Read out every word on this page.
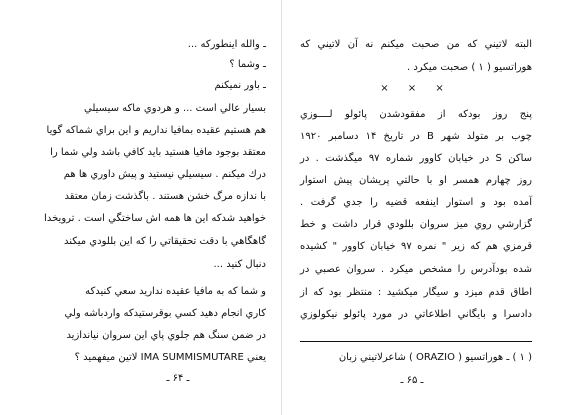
ـ والله اينطوركه ...
ـ وشما ؟
ـ باور نميكنم
بسيار عالي است ... و هردوي ماكه سيسيلي
هم هستيم عقيده بمافيا نداريم و اين براي شماكه گويا
معتقد بوجود مافيا هستيد بايد كافي باشد ولي شما را
درك ميكنم . سيسيلي نيستيد و پيش داوري ها هم
با ندازه مرگ خشن هستند . باگذشت زمان معتقد
خواهيد شدكه اين ها همه اش ساختگي است . ترويخدا
گاهگاهي با دقت تحقيقاتي را كه اين بللودي ميكند
دنبال كنيد ...
و شما كه به مافيا عقيده نداريد سعي كنيدكه
كاري انجام دهيد كسي بوقرستيدكه واردباشه ولي
در ضمن سنگ هم جلوي پاي اين سروان نياندازيد
يعني IMA SUMMISMUTARE لاتين ميفهميد ؟
ـ ۶۴ ـ
البته لاتيني كه من صحبت ميكنم نه آن لاتيني كه
هوراتسيو ( ۱ ) صحبت ميكرد .
× × ×
پنج روز بودكه از مفقودشدن پائولو لــــوزي
چوب بر متولد شهر B در تاريخ ۱۴ دسامبر ۱۹۲۰
ساكن S در خيابان كاوور شماره ۹۷ ميگذشت . در
روز چهارم همسر او با حالتي پريشان پيش استوار
آمده بود و استوار اينفعه قضيه را جدي گرفت .
گزارشي روي ميز سروان بللودي قرار داشت و خط
قرمزي هم كه زير " نمره ۹۷ خيابان كاوور " كشيده
شده بودآدرس را مشخص ميكرد . سروان عصبي در
اطاق قدم ميزد و سيگار ميكشيد : منتظر بود كه از
دادسرا و بايگاني اطلاعاتي در مورد پائولو نيكولوزي
( ۱ ) ـ هوراتسيو ( ORAZIO ) شاعرلاتيني زبان
ـ ۶۵ ـ
